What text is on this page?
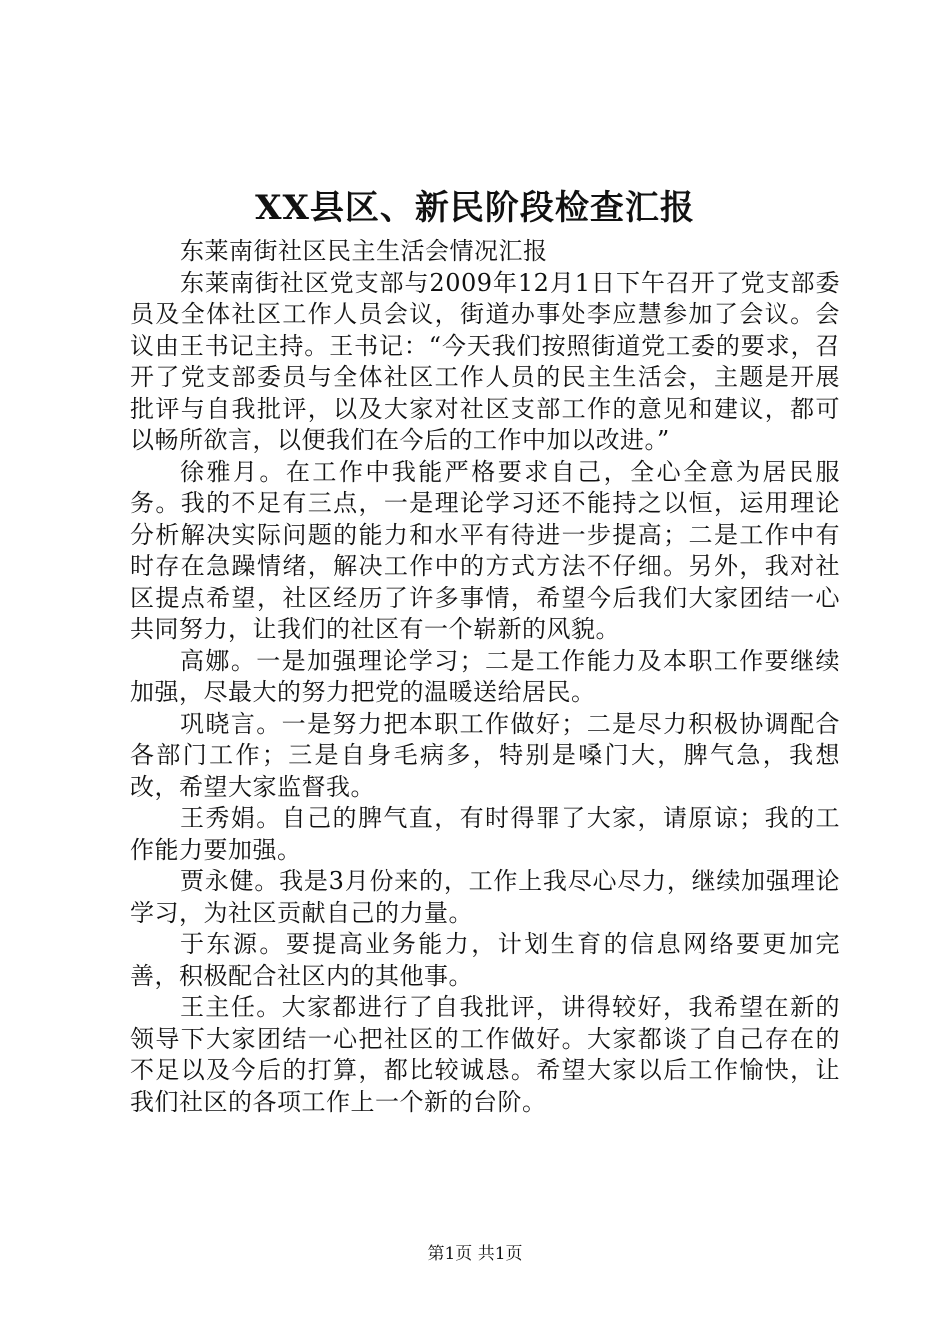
XX县区、新民阶段检查汇报

东莱南街社区民主生活会情况汇报

东莱南街社区党支部与2009年12月1日下午召开了党支部委员及全体社区工作人员会议，街道办事处李应慧参加了会议。会议由王书记主持。王书记：“今天我们按照街道党工委的要求，召开了党支部委员与全体社区工作人员的民主生活会，主题是开展批评与自我批评，以及大家对社区支部工作的意见和建议，都可以畅所欲言，以便我们在今后的工作中加以改进。”

徐雅月。在工作中我能严格要求自己，全心全意为居民服务。我的不足有三点，一是理论学习还不能持之以恒，运用理论分析解决实际问题的能力和水平有待进一步提高；二是工作中有时存在急躁情绪，解决工作中的方式方法不仔细。另外，我对社区提点希望，社区经历了许多事情，希望今后我们大家团结一心共同努力，让我们的社区有一个崭新的风貌。

高娜。一是加强理论学习；二是工作能力及本职工作要继续加强，尽最大的努力把党的温暖送给居民。

巩晓言。一是努力把本职工作做好；二是尽力积极协调配合各部门工作；三是自身毛病多，特别是嗓门大，脾气急，我想改，希望大家监督我。

王秀娟。自己的脾气直，有时得罪了大家，请原谅；我的工作能力要加强。

贾永健。我是3月份来的，工作上我尽心尽力，继续加强理论学习，为社区贡献自己的力量。

于东源。要提高业务能力，计划生育的信息网络要更加完善，积极配合社区内的其他事。

王主任。大家都进行了自我批评，讲得较好，我希望在新的领导下大家团结一心把社区的工作做好。大家都谈了自己存在的不足以及今后的打算，都比较诚恳。希望大家以后工作愉快，让我们社区的各项工作上一个新的台阶。

第1页 共1页
